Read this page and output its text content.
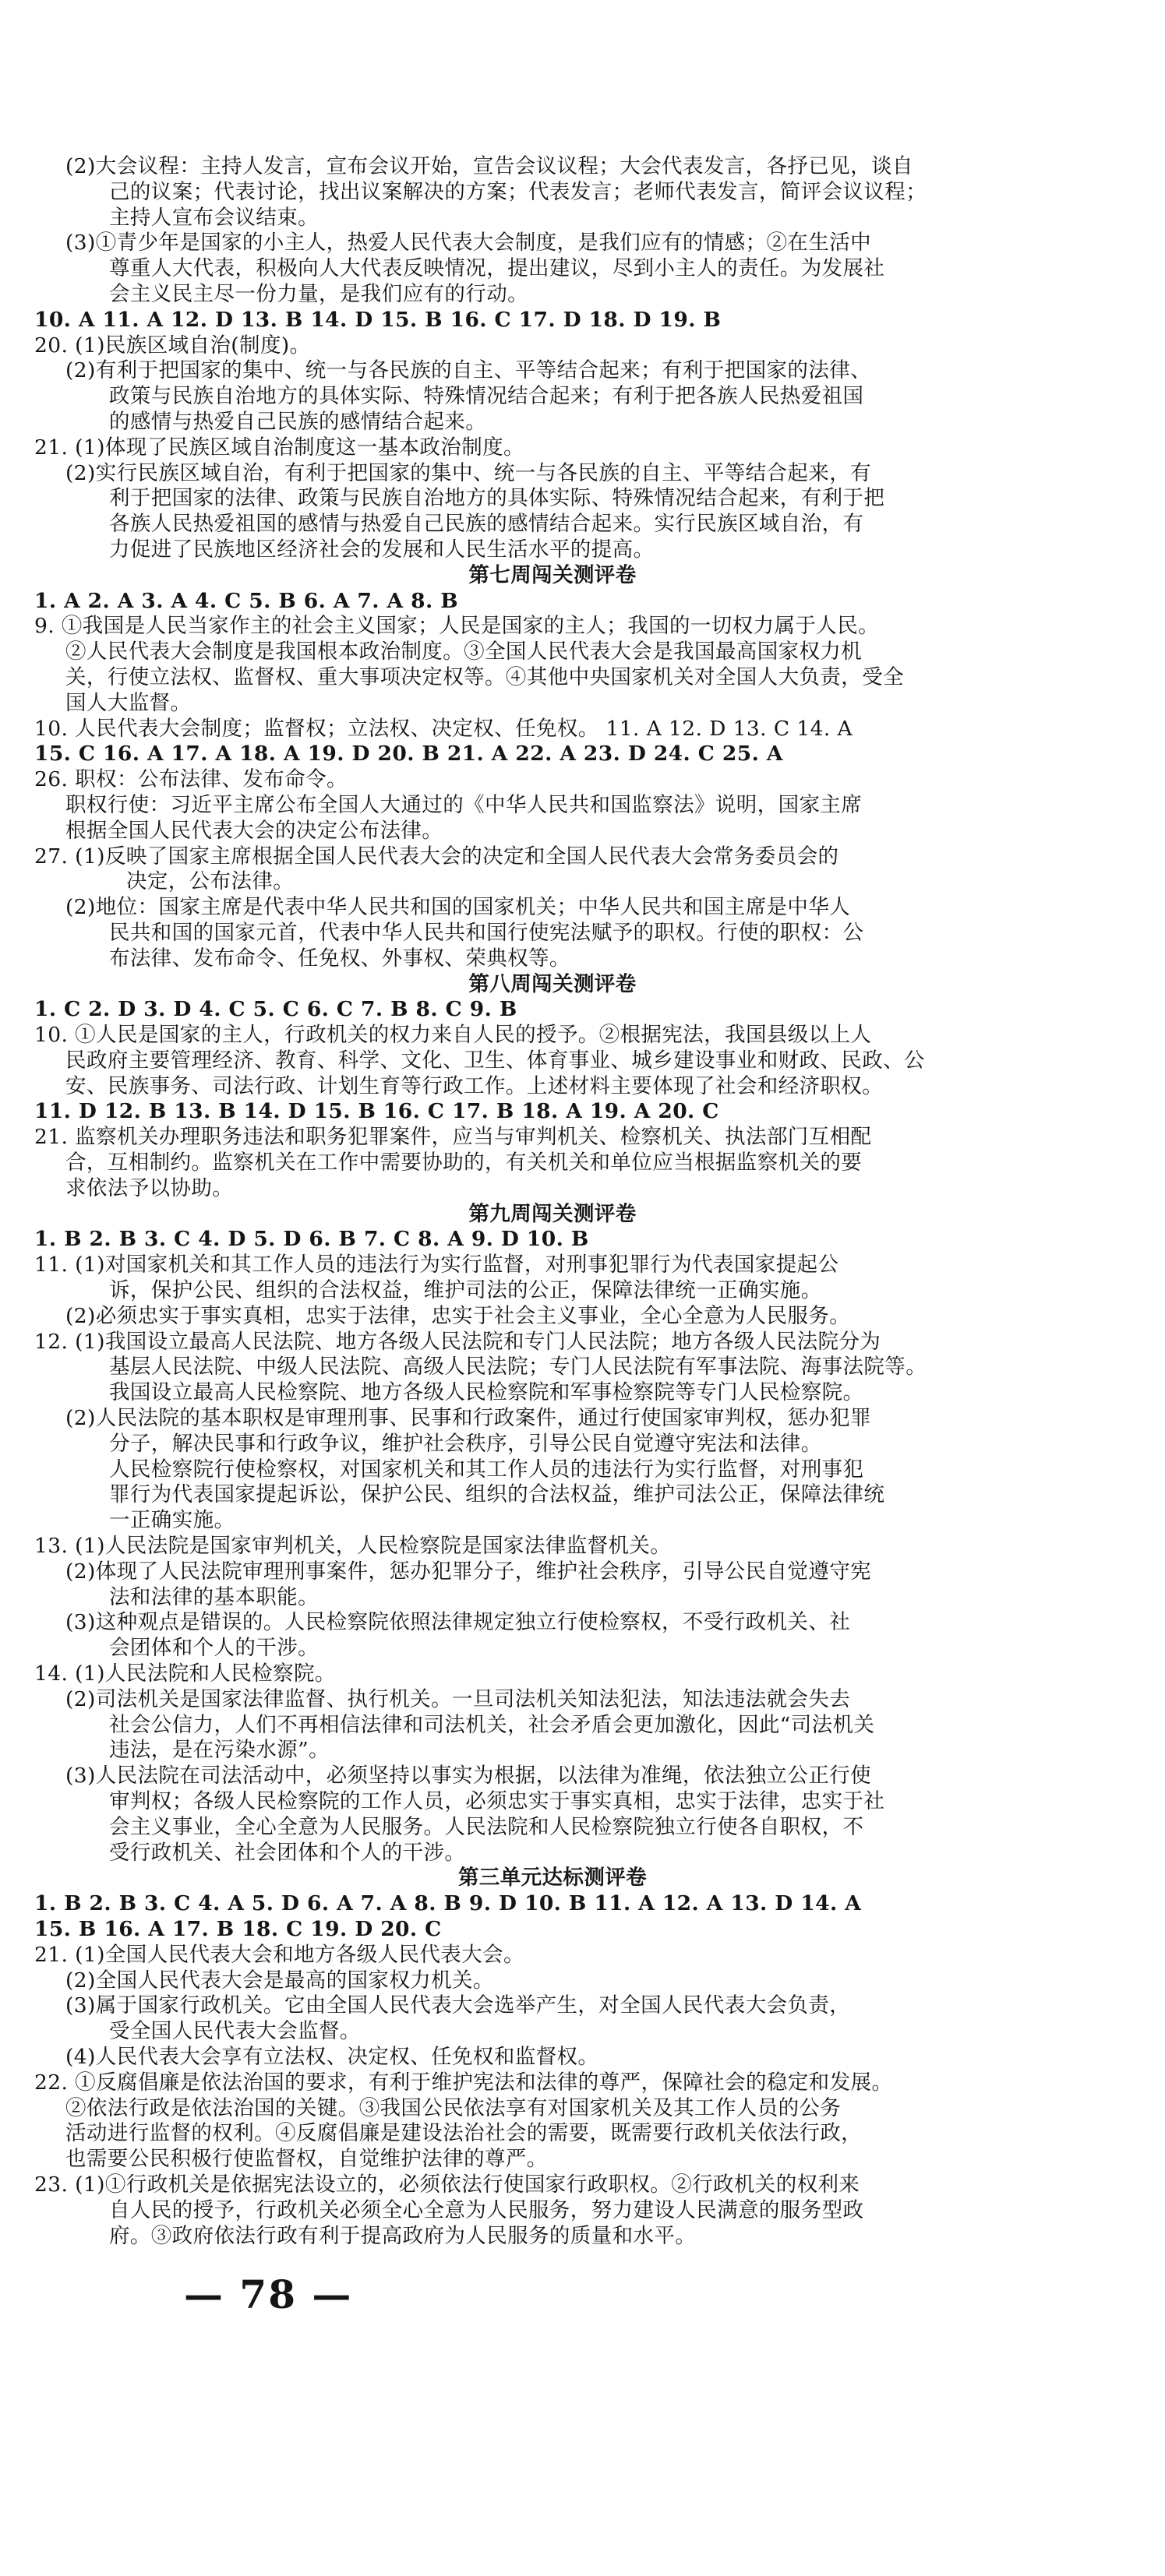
(2)大会议程：主持人发言，宣布会议开始，宣告会议议程；大会代表发言，各抒已见，谈自
己的议案；代表讨论，找出议案解决的方案；代表发言；老师代表发言，简评会议议程；
主持人宣布会议结束。
(3)①青少年是国家的小主人，热爱人民代表大会制度，是我们应有的情感；②在生活中
尊重人大代表，积极向人大代表反映情况，提出建议，尽到小主人的责任。为发展社
会主义民主尽一份力量，是我们应有的行动。
10. A 11. A 12. D 13. B 14. D 15. B 16. C 17. D 18. D 19. B
20. (1)民族区域自治(制度)。
(2)有利于把国家的集中、统一与各民族的自主、平等结合起来；有利于把国家的法律、
政策与民族自治地方的具体实际、特殊情况结合起来；有利于把各族人民热爱祖国
的感情与热爱自己民族的感情结合起来。
21. (1)体现了民族区域自治制度这一基本政治制度。
(2)实行民族区域自治，有利于把国家的集中、统一与各民族的自主、平等结合起来，有
利于把国家的法律、政策与民族自治地方的具体实际、特殊情况结合起来，有利于把
各族人民热爱祖国的感情与热爱自己民族的感情结合起来。实行民族区域自治，有
力促进了民族地区经济社会的发展和人民生活水平的提高。
第七周闯关测评卷
1. A 2. A 3. A 4. C 5. B 6. A 7. A 8. B
9. ①我国是人民当家作主的社会主义国家；人民是国家的主人；我国的一切权力属于人民。
②人民代表大会制度是我国根本政治制度。③全国人民代表大会是我国最高国家权力机
关，行使立法权、监督权、重大事项决定权等。④其他中央国家机关对全国人大负责，受全
国人大监督。
10. 人民代表大会制度；监督权；立法权、决定权、任免权。 11. A 12. D 13. C 14. A
15. C 16. A 17. A 18. A 19. D 20. B 21. A 22. A 23. D 24. C 25. A
26. 职权：公布法律、发布命令。
职权行使：习近平主席公布全国人大通过的《中华人民共和国监察法》说明，国家主席
根据全国人民代表大会的决定公布法律。
27. (1)反映了国家主席根据全国人民代表大会的决定和全国人民代表大会常务委员会的
决定，公布法律。
(2)地位：国家主席是代表中华人民共和国的国家机关；中华人民共和国主席是中华人
民共和国的国家元首，代表中华人民共和国行使宪法赋予的职权。行使的职权：公
布法律、发布命令、任免权、外事权、荣典权等。
第八周闯关测评卷
1. C 2. D 3. D 4. C 5. C 6. C 7. B 8. C 9. B
10. ①人民是国家的主人，行政机关的权力来自人民的授予。②根据宪法，我国县级以上人
民政府主要管理经济、教育、科学、文化、卫生、体育事业、城乡建设事业和财政、民政、公
安、民族事务、司法行政、计划生育等行政工作。上述材料主要体现了社会和经济职权。
11. D 12. B 13. B 14. D 15. B 16. C 17. B 18. A 19. A 20. C
21. 监察机关办理职务违法和职务犯罪案件，应当与审判机关、检察机关、执法部门互相配
合，互相制约。监察机关在工作中需要协助的，有关机关和单位应当根据监察机关的要
求依法予以协助。
第九周闯关测评卷
1. B 2. B 3. C 4. D 5. D 6. B 7. C 8. A 9. D 10. B
11. (1)对国家机关和其工作人员的违法行为实行监督，对刑事犯罪行为代表国家提起公
诉，保护公民、组织的合法权益，维护司法的公正，保障法律统一正确实施。
(2)必须忠实于事实真相，忠实于法律，忠实于社会主义事业，全心全意为人民服务。
12. (1)我国设立最高人民法院、地方各级人民法院和专门人民法院；地方各级人民法院分为
基层人民法院、中级人民法院、高级人民法院；专门人民法院有军事法院、海事法院等。
我国设立最高人民检察院、地方各级人民检察院和军事检察院等专门人民检察院。
(2)人民法院的基本职权是审理刑事、民事和行政案件，通过行使国家审判权，惩办犯罪
分子，解决民事和行政争议，维护社会秩序，引导公民自觉遵守宪法和法律。
人民检察院行使检察权，对国家机关和其工作人员的违法行为实行监督，对刑事犯
罪行为代表国家提起诉讼，保护公民、组织的合法权益，维护司法公正，保障法律统
一正确实施。
13. (1)人民法院是国家审判机关，人民检察院是国家法律监督机关。
(2)体现了人民法院审理刑事案件，惩办犯罪分子，维护社会秩序，引导公民自觉遵守宪
法和法律的基本职能。
(3)这种观点是错误的。人民检察院依照法律规定独立行使检察权，不受行政机关、社
会团体和个人的干涉。
14. (1)人民法院和人民检察院。
(2)司法机关是国家法律监督、执行机关。一旦司法机关知法犯法，知法违法就会失去
社会公信力，人们不再相信法律和司法机关，社会矛盾会更加激化，因此“司法机关
违法，是在污染水源”。
(3)人民法院在司法活动中，必须坚持以事实为根据，以法律为准绳，依法独立公正行使
审判权；各级人民检察院的工作人员，必须忠实于事实真相，忠实于法律，忠实于社
会主义事业，全心全意为人民服务。人民法院和人民检察院独立行使各自职权，不
受行政机关、社会团体和个人的干涉。
第三单元达标测评卷
1. B 2. B 3. C 4. A 5. D 6. A 7. A 8. B 9. D 10. B 11. A 12. A 13. D 14. A
15. B 16. A 17. B 18. C 19. D 20. C
21. (1)全国人民代表大会和地方各级人民代表大会。
(2)全国人民代表大会是最高的国家权力机关。
(3)属于国家行政机关。它由全国人民代表大会选举产生，对全国人民代表大会负责，
受全国人民代表大会监督。
(4)人民代表大会享有立法权、决定权、任免权和监督权。
22. ①反腐倡廉是依法治国的要求，有利于维护宪法和法律的尊严，保障社会的稳定和发展。
②依法行政是依法治国的关键。③我国公民依法享有对国家机关及其工作人员的公务
活动进行监督的权利。④反腐倡廉是建设法治社会的需要，既需要行政机关依法行政，
也需要公民积极行使监督权，自觉维护法律的尊严。
23. (1)①行政机关是依据宪法设立的，必须依法行使国家行政职权。②行政机关的权利来
自人民的授予，行政机关必须全心全意为人民服务，努力建设人民满意的服务型政
府。③政府依法行政有利于提高政府为人民服务的质量和水平。
— 78 —
